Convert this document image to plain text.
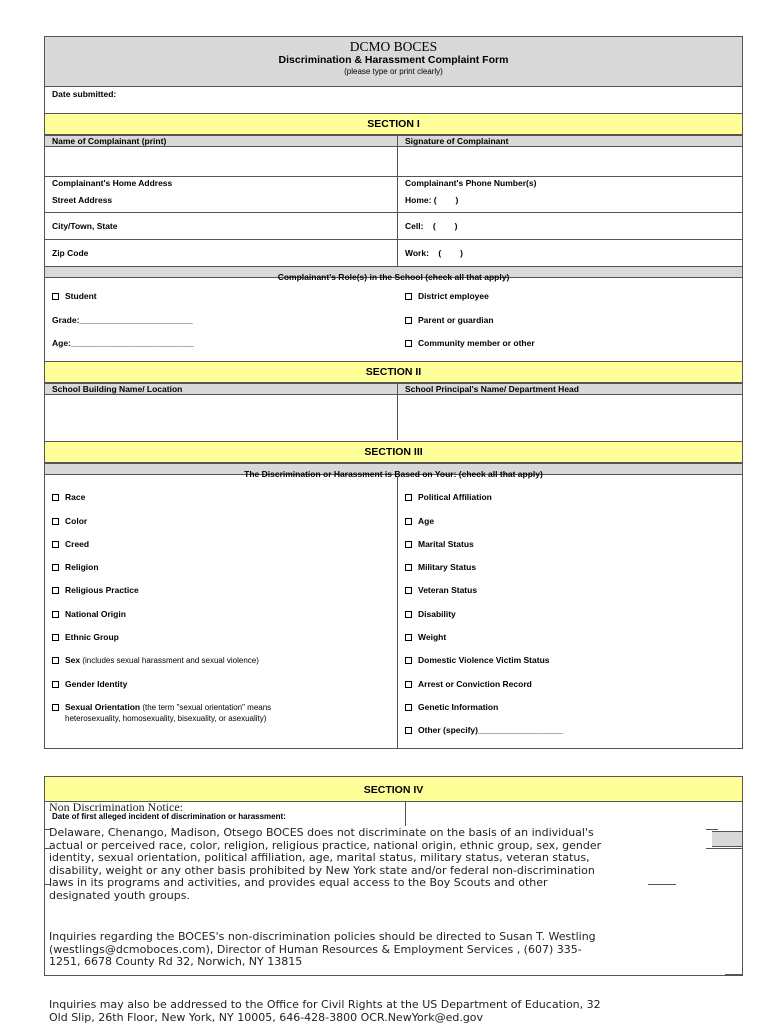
DCMO BOCES
Discrimination & Harassment Complaint Form
(please type or print clearly)
Date submitted:
SECTION I
Name of Complainant (print)	Signature of Complainant
Complainant's Home Address	Complainant's Phone Number(s)
Street Address	Home: (        )
City/Town, State	Cell:    (        )
Zip Code	Work:    (        )
Complainant's Role(s) in the School (check all that apply)
Student
Grade:________________________
Age:__________________________
District employee
Parent or guardian
Community member or other
SECTION II
School Building Name/ Location	School Principal's Name/ Department Head
SECTION III
The Discrimination or Harassment is Based on Your: (check all that apply)
Race
Color
Creed
Religion
Religious Practice
National Origin
Ethnic Group
Sex (includes sexual harassment and sexual violence)
Gender Identity
Sexual Orientation (the term "sexual orientation" means
heterosexuality, homosexuality, bisexuality, or asexuality)
Political Affiliation
Age
Marital Status
Military Status
Veteran Status
Disability
Weight
Domestic Violence Victim Status
Arrest or Conviction Record
Genetic Information
Other (specify)__________________
SECTION IV
Date of first alleged incident of discrimination or harassment:
Non Discrimination Notice:
Delaware, Chenango, Madison, Otsego BOCES does not discriminate on the basis of an individual's
actual or perceived race, color, religion, religious practice, national origin, ethnic group, sex, gender
identity, sexual orientation, political affiliation, age, marital status, military status, veteran status,
disability, weight or any other basis prohibited by New York state and/or federal non-discrimination
laws in its programs and activities, and provides equal access to the Boy Scouts and other
designated youth groups.
Inquiries regarding the BOCES's non-discrimination policies should be directed to Susan T. Westling
(westlings@dcmoboces.com), Director of Human Resources & Employment Services , (607) 335-
1251, 6678 County Rd 32, Norwich, NY 13815
Inquiries may also be addressed to the Office for Civil Rights at the US Department of Education, 32
Old Slip, 26th Floor, New York, NY 10005, 646-428-3800 OCR.NewYork@ed.gov
